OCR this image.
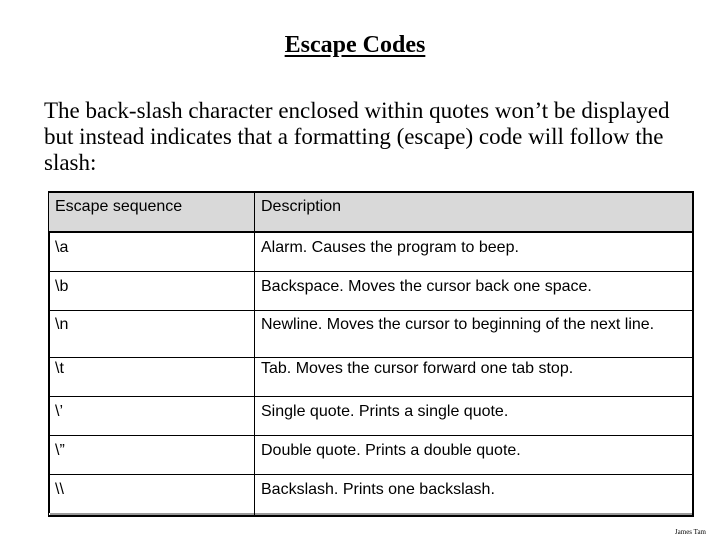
Escape Codes
The back-slash character enclosed within quotes won’t be displayed but instead indicates that a formatting (escape) code will follow the slash:
Escape sequence	Description
\a	Alarm. Causes the program to beep.
\b	Backspace. Moves the cursor back one space.
\n	Newline. Moves the cursor to beginning of the next line.
\t	Tab. Moves the cursor forward one tab stop.
\’	Single quote. Prints a single quote.
\”	Double quote. Prints a double quote.
\\	Backslash. Prints one backslash.
James Tam
